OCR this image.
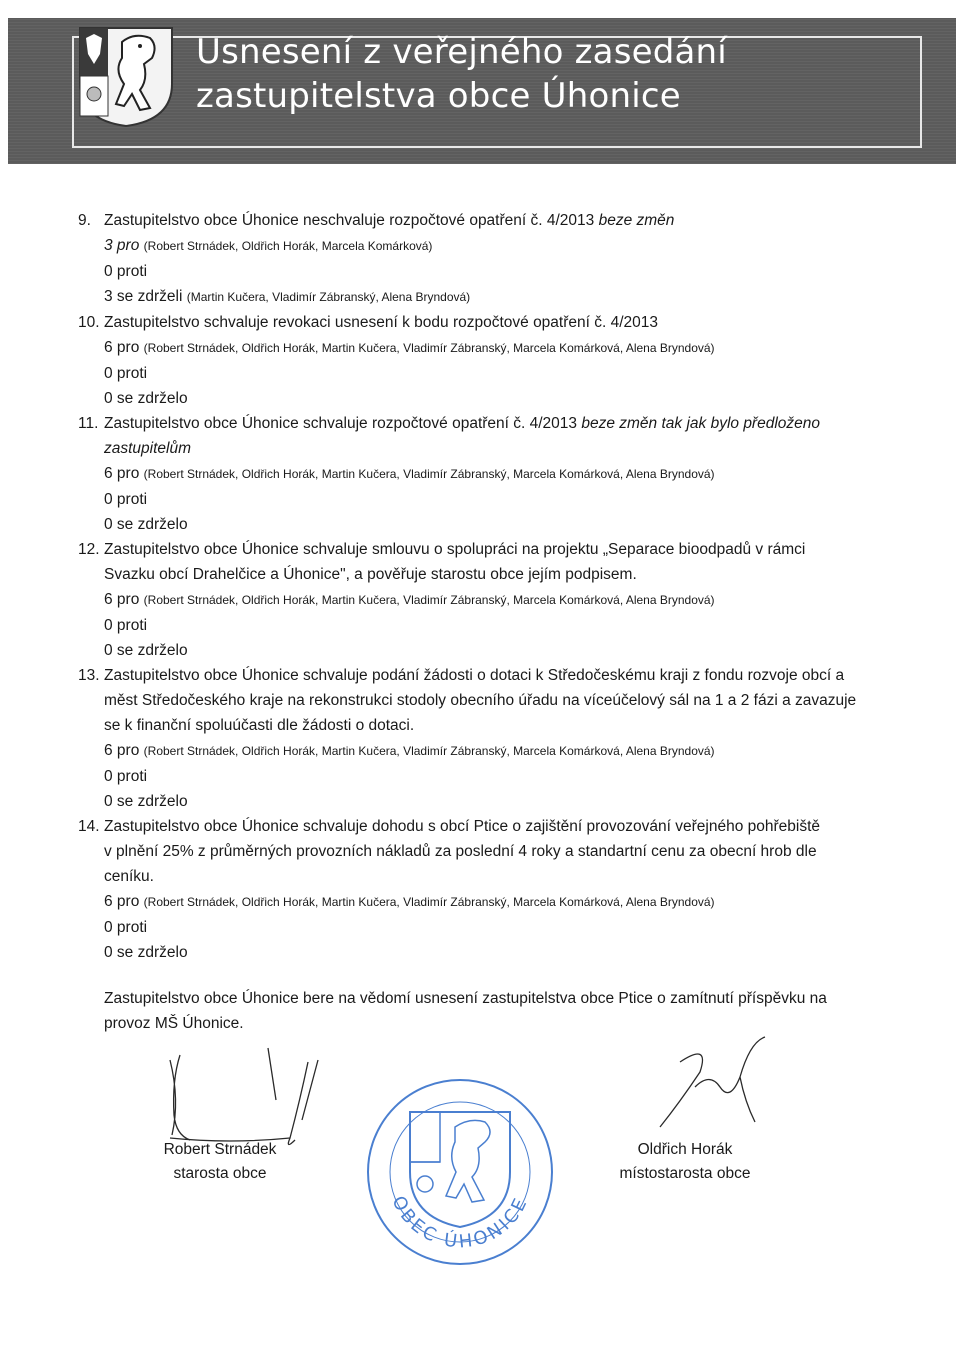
Usnesení z veřejného zasedání
zastupitelstva obce Úhonice
9. Zastupitelstvo obce Úhonice neschvaluje rozpočtové opatření č. 4/2013 beze změn
3 pro (Robert Strnádek, Oldřich Horák, Marcela Komárková)
0 proti
3 se zdrželi (Martin Kučera, Vladimír Zábranský, Alena Bryndová)
10. Zastupitelstvo schvaluje revokaci usnesení k bodu rozpočtové opatření č. 4/2013
6 pro (Robert Strnádek, Oldřich Horák, Martin Kučera, Vladimír Zábranský, Marcela Komárková, Alena Bryndová)
0 proti
0 se zdrželo
11. Zastupitelstvo obce Úhonice schvaluje rozpočtové opatření č. 4/2013 beze změn tak jak bylo předloženo
zastupitelům
6 pro (Robert Strnádek, Oldřich Horák, Martin Kučera, Vladimír Zábranský, Marcela Komárková, Alena Bryndová)
0 proti
0 se zdrželo
12. Zastupitelstvo obce Úhonice schvaluje smlouvu o spolupráci na projektu „Separace bioodpadů v rámci
Svazku obcí Drahelčice a Úhonice", a pověřuje starostu obce jejím podpisem.
6 pro (Robert Strnádek, Oldřich Horák, Martin Kučera, Vladimír Zábranský, Marcela Komárková, Alena Bryndová)
0 proti
0 se zdrželo
13. Zastupitelstvo obce Úhonice schvaluje podání žádosti o dotaci k Středočeskému kraji z fondu rozvoje obcí a
měst Středočeského kraje na rekonstrukci stodoly obecního úřadu na víceúčelový sál na 1 a 2 fázi a zavazuje
se k finanční spoluúčasti dle žádosti o dotaci.
6 pro (Robert Strnádek, Oldřich Horák, Martin Kučera, Vladimír Zábranský, Marcela Komárková, Alena Bryndová)
0 proti
0 se zdrželo
14. Zastupitelstvo obce Úhonice schvaluje dohodu s obcí Ptice o zajištění provozování veřejného pohřebiště
v plnění 25% z průměrných provozních nákladů za poslední 4 roky a standartní cenu za obecní hrob dle
ceníku.
6 pro (Robert Strnádek, Oldřich Horák, Martin Kučera, Vladimír Zábranský, Marcela Komárková, Alena Bryndová)
0 proti
0 se zdrželo
Zastupitelstvo obce Úhonice bere na vědomí usnesení zastupitelstva obce Ptice o zamítnutí příspěvku na
provoz MŠ Úhonice.
Robert Strnádek
starosta obce
Oldřich Horák
místostarosta obce
OBEC ÚHONICE
